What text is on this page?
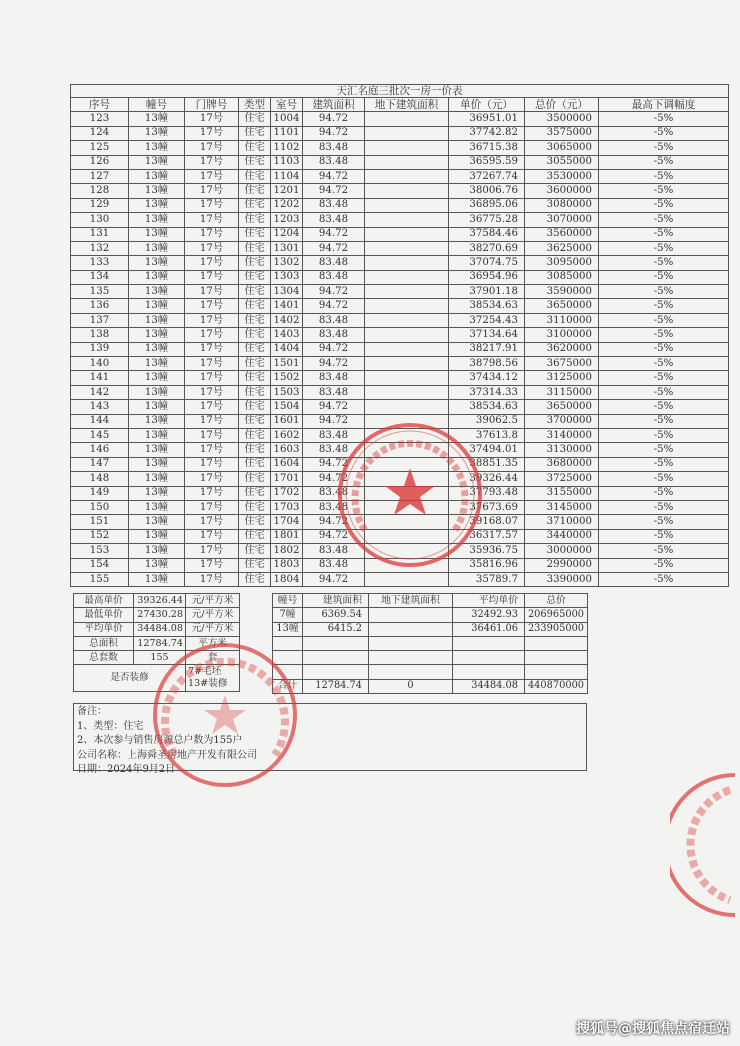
天汇名庭三批次一房一价表									
序号	幢号	门牌号	类型	室号	建筑面积	地下建筑面积	单价（元）	总价（元）	最高下调幅度
123	13幢	17号	住宅	1004	94.72		36951.01	3500000	-5%
124	13幢	17号	住宅	1101	94.72		37742.82	3575000	-5%
125	13幢	17号	住宅	1102	83.48		36715.38	3065000	-5%
126	13幢	17号	住宅	1103	83.48		36595.59	3055000	-5%
127	13幢	17号	住宅	1104	94.72		37267.74	3530000	-5%
128	13幢	17号	住宅	1201	94.72		38006.76	3600000	-5%
129	13幢	17号	住宅	1202	83.48		36895.06	3080000	-5%
130	13幢	17号	住宅	1203	83.48		36775.28	3070000	-5%
131	13幢	17号	住宅	1204	94.72		37584.46	3560000	-5%
132	13幢	17号	住宅	1301	94.72		38270.69	3625000	-5%
133	13幢	17号	住宅	1302	83.48		37074.75	3095000	-5%
134	13幢	17号	住宅	1303	83.48		36954.96	3085000	-5%
135	13幢	17号	住宅	1304	94.72		37901.18	3590000	-5%
136	13幢	17号	住宅	1401	94.72		38534.63	3650000	-5%
137	13幢	17号	住宅	1402	83.48		37254.43	3110000	-5%
138	13幢	17号	住宅	1403	83.48		37134.64	3100000	-5%
139	13幢	17号	住宅	1404	94.72		38217.91	3620000	-5%
140	13幢	17号	住宅	1501	94.72		38798.56	3675000	-5%
141	13幢	17号	住宅	1502	83.48		37434.12	3125000	-5%
142	13幢	17号	住宅	1503	83.48		37314.33	3115000	-5%
143	13幢	17号	住宅	1504	94.72		38534.63	3650000	-5%
144	13幢	17号	住宅	1601	94.72		39062.5	3700000	-5%
145	13幢	17号	住宅	1602	83.48		37613.8	3140000	-5%
146	13幢	17号	住宅	1603	83.48		37494.01	3130000	-5%
147	13幢	17号	住宅	1604	94.72		38851.35	3680000	-5%
148	13幢	17号	住宅	1701	94.72		39326.44	3725000	-5%
149	13幢	17号	住宅	1702	83.48		37793.48	3155000	-5%
150	13幢	17号	住宅	1703	83.48		37673.69	3145000	-5%
151	13幢	17号	住宅	1704	94.72		39168.07	3710000	-5%
152	13幢	17号	住宅	1801	94.72		36317.57	3440000	-5%
153	13幢	17号	住宅	1802	83.48		35936.75	3000000	-5%
154	13幢	17号	住宅	1803	83.48		35816.96	2990000	-5%
155	13幢	17号	住宅	1804	94.72		35789.7	3390000	-5%
最高单价	39326.44	元/平方米
最低单价	27430.28	元/平方米
平均单价	34484.08	元/平方米
总面积	12784.74	平方米
总套数	155	套
是否装修		7#毛坯
13#装修
幢号	建筑面积	地下建筑面积	平均单价	总价
7幢	6369.54		32492.93	206965000
13幢	6415.2		36461.06	233905000

合计	12784.74	0	34484.08	440870000
备注：
1、类型：住宅
2、本次参与销售房源总户数为155户
公司名称：上海舜圣房地产开发有限公司
日期：2024年9月2日
搜狐号@搜狐焦点宿迁站
